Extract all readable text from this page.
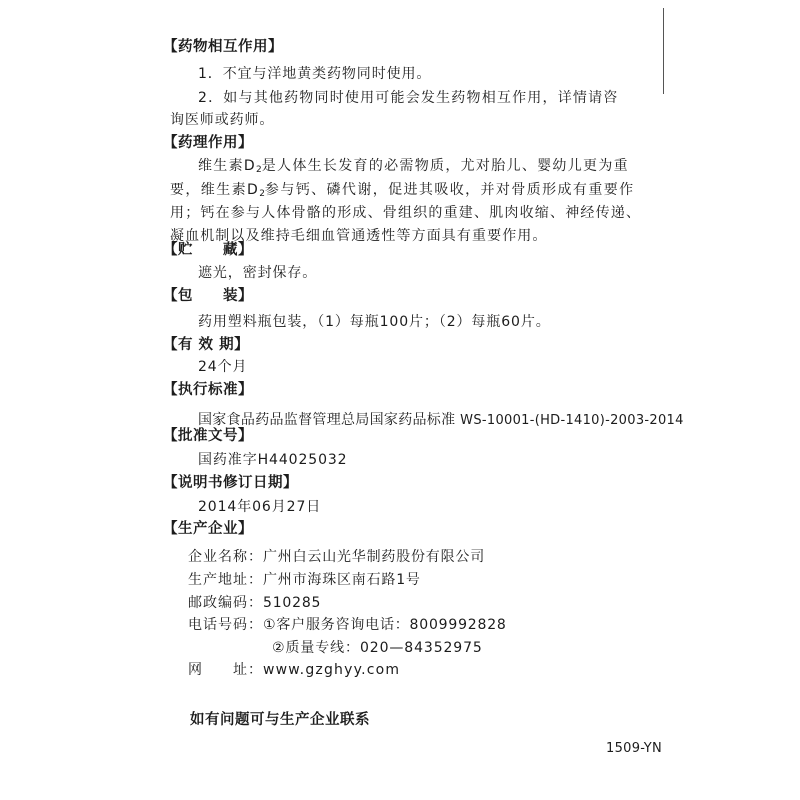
【药物相互作用】
1．不宜与洋地黄类药物同时使用。
2．如与其他药物同时使用可能会发生药物相互作用，详情请咨
询医师或药师。
【药理作用】
维生素$D_2$是人体生长发育的必需物质，尤对胎儿、婴幼儿更为重
要，维生素$D_2$参与钙、磷代谢，促进其吸收，并对骨质形成有重要作
用；钙在参与人体骨骼的形成、骨组织的重建、肌肉收缩、神经传递、
凝血机制以及维持毛细血管通透性等方面具有重要作用。
【贮　　藏】
遮光，密封保存。
【包　　装】
药用塑料瓶包装，（1）每瓶100片；（2）每瓶60片。
【有 效 期】
24个月
【执行标准】
国家食品药品监督管理总局国家药品标准 WS-10001-(HD-1410)-2003-2014
【批准文号】
国药准字H44025032
【说明书修订日期】
2014年06月27日
【生产企业】
企业名称：广州白云山光华制药股份有限公司
生产地址：广州市海珠区南石路1号
邮政编码：510285
电话号码：①客户服务咨询电话：8009992828
②质量专线：020—84352975
网　　址：www.gzghyy.com
如有问题可与生产企业联系
1509-YN
